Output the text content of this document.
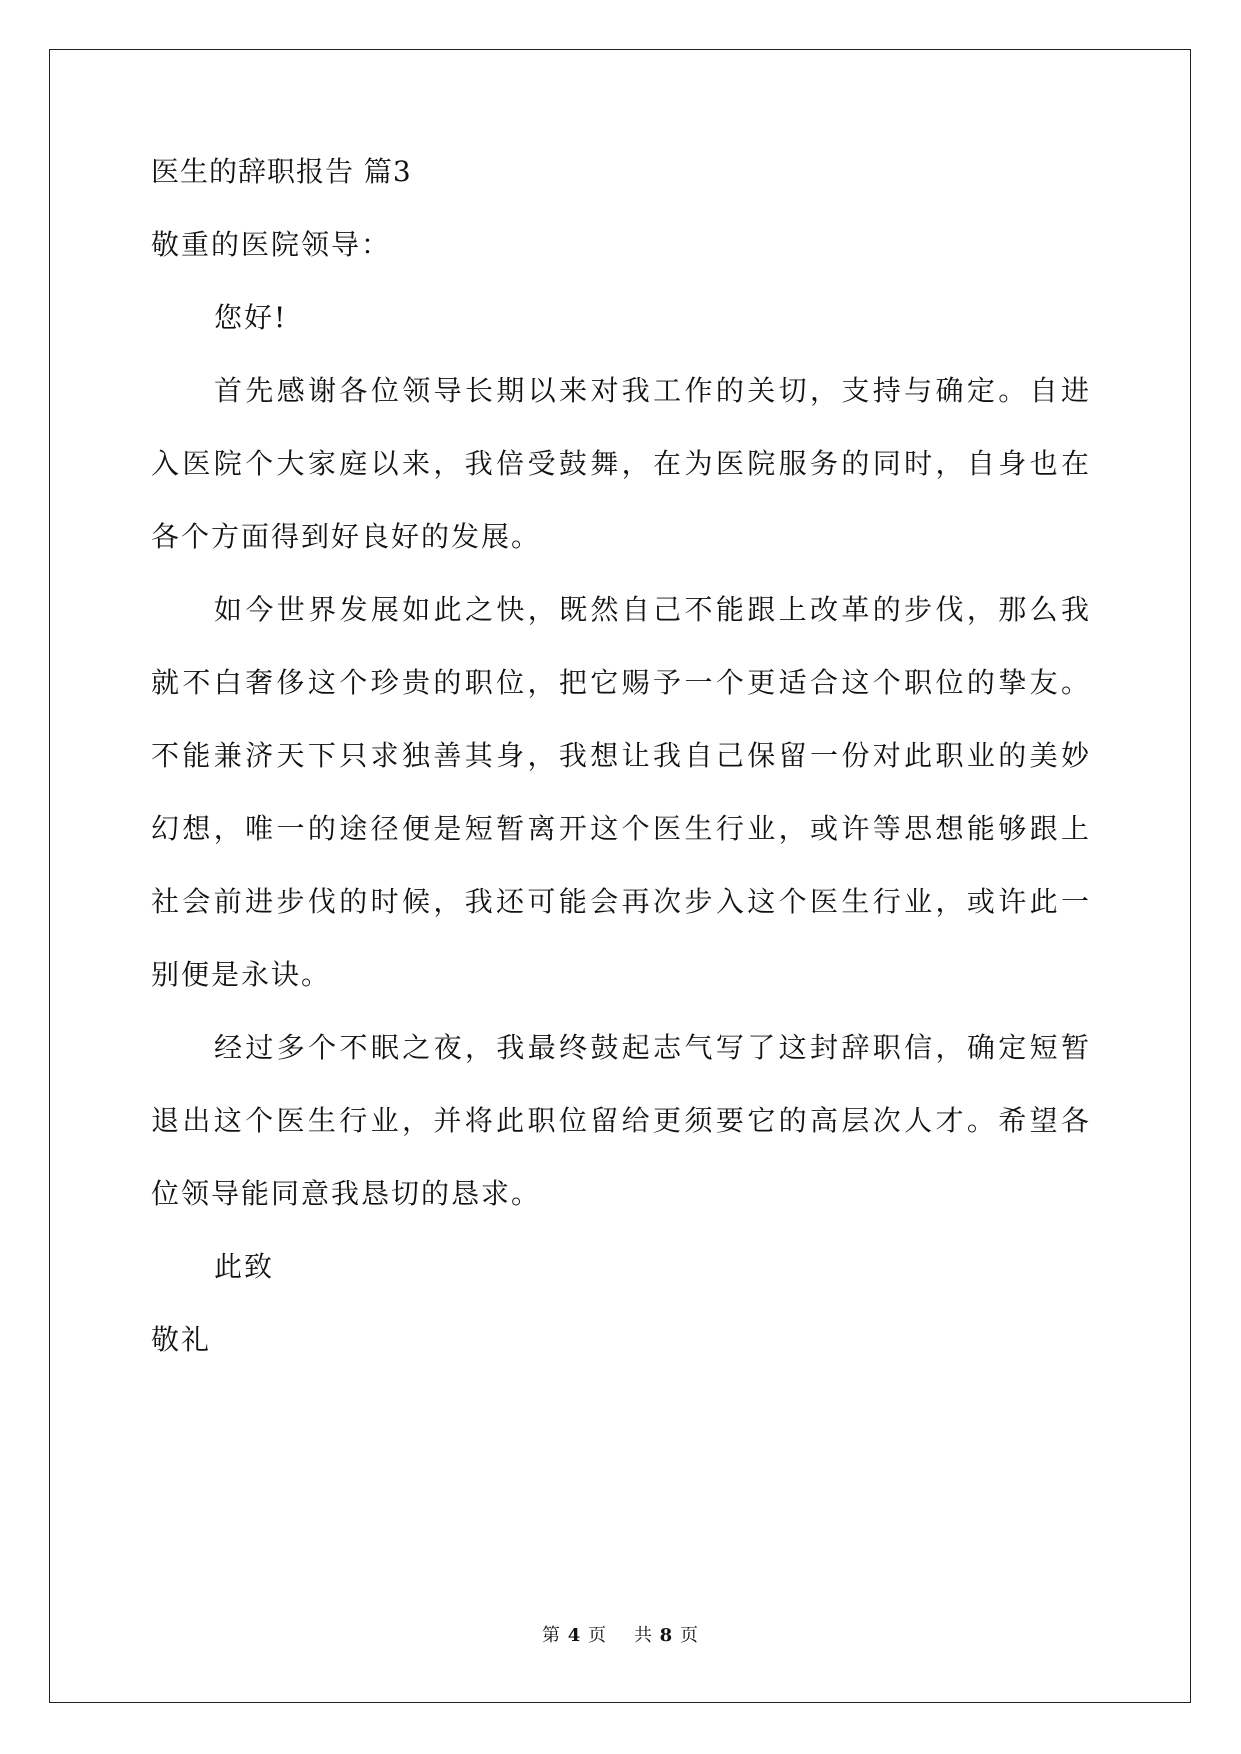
医生的辞职报告 篇3

敬重的医院领导：

您好!

首先感谢各位领导长期以来对我工作的关切，支持与确定。自进

入医院个大家庭以来，我倍受鼓舞，在为医院服务的同时，自身也在

各个方面得到好良好的发展。

如今世界发展如此之快，既然自己不能跟上改革的步伐，那么我

就不白奢侈这个珍贵的职位，把它赐予一个更适合这个职位的挚友。

不能兼济天下只求独善其身，我想让我自己保留一份对此职业的美妙

幻想，唯一的途径便是短暂离开这个医生行业，或许等思想能够跟上

社会前进步伐的时候，我还可能会再次步入这个医生行业，或许此一

别便是永诀。

经过多个不眠之夜，我最终鼓起志气写了这封辞职信，确定短暂

退出这个医生行业，并将此职位留给更须要它的高层次人才。希望各

位领导能同意我恳切的恳求。

此致

敬礼

第 4 页 共 8 页
